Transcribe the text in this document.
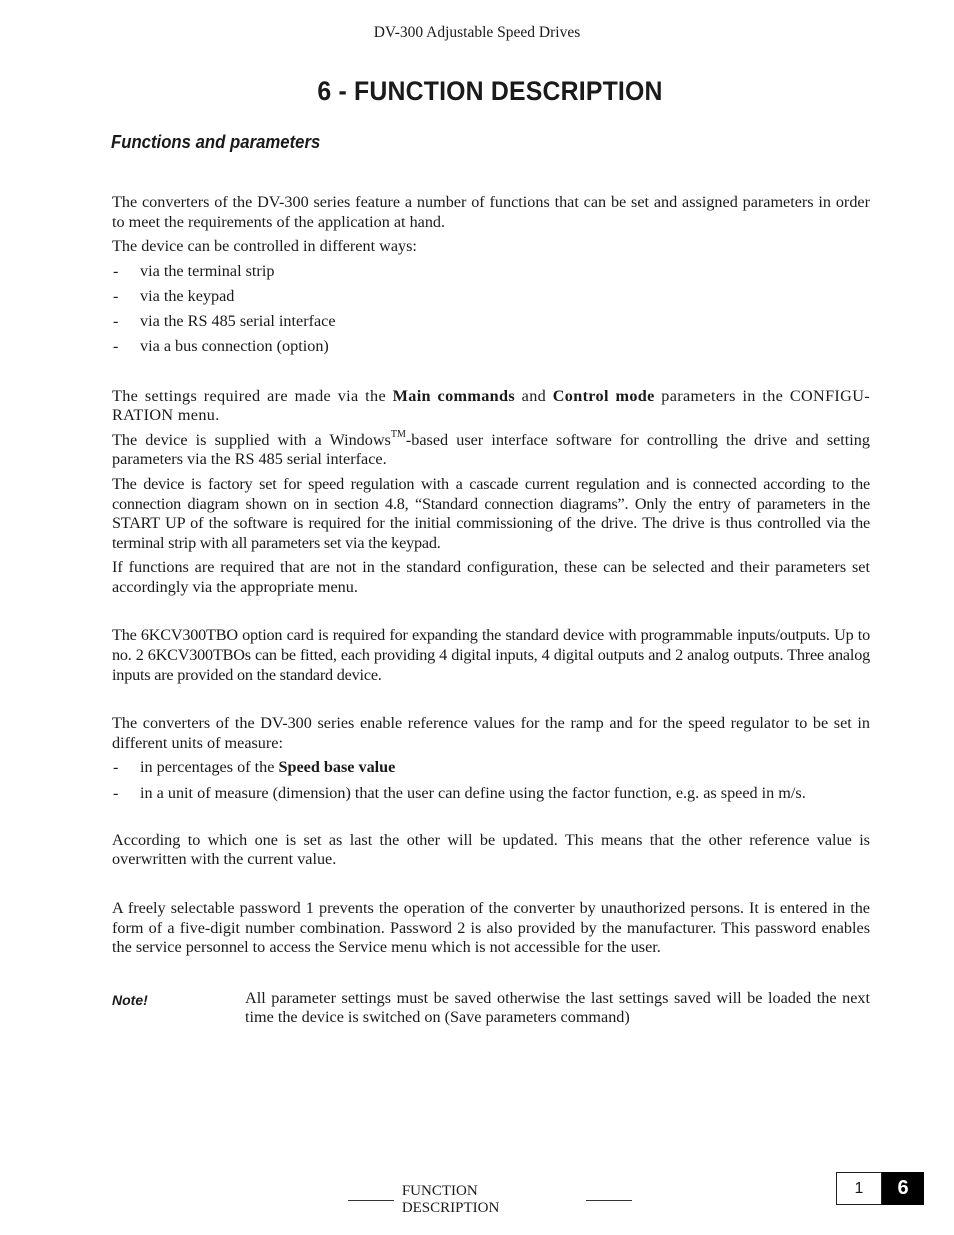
DV-300 Adjustable Speed Drives
6 - FUNCTION DESCRIPTION
Functions and parameters

The converters of the DV-300 series feature a number of functions that can be set and assigned parameters in order to meet the requirements of the application at hand.

The device can be controlled in different ways:

- via the terminal strip
- via the keypad
- via the RS 485 serial interface
- via a bus connection (option)

The settings required are made via the Main commands and Control mode parameters in the CONFIGU-RATION menu.

The device is supplied with a Windows™-based user interface software for controlling the drive and setting parameters via the RS 485 serial interface.

The device is factory set for speed regulation with a cascade current regulation and is connected according to the connection diagram shown on in section 4.8, “Standard connection diagrams”. Only the entry of parameters in the START UP of the software is required for the initial commissioning of the drive. The drive is thus controlled via the terminal strip with all parameters set via the keypad.

If functions are required that are not in the standard configuration, these can be selected and their parameters set accordingly via the appropriate menu.

The 6KCV300TBO option card is required for expanding the standard device with programmable inputs/outputs. Up to no. 2 6KCV300TBOs can be fitted, each providing 4 digital inputs, 4 digital outputs and 2 analog outputs. Three analog inputs are provided on the standard device.

The converters of the DV-300 series enable reference values for the ramp and for the speed regulator to be set in different units of measure:

- in percentages of the Speed base value
- in a unit of measure (dimension) that the user can define using the factor function, e.g. as speed in m/s.

According to which one is set as last the other will be updated. This means that the other reference value is overwritten with the current value.

A freely selectable password 1 prevents the operation of the converter by unauthorized persons. It is entered in the form of a five-digit number combination. Password 2 is also provided by the manufacturer. This password enables the service personnel to access the Service menu which is not accessible for the user.

Note!	All parameter settings must be saved otherwise the last settings saved will be loaded the next time the device is switched on (Save parameters command)
FUNCTION DESCRIPTION
1	6
